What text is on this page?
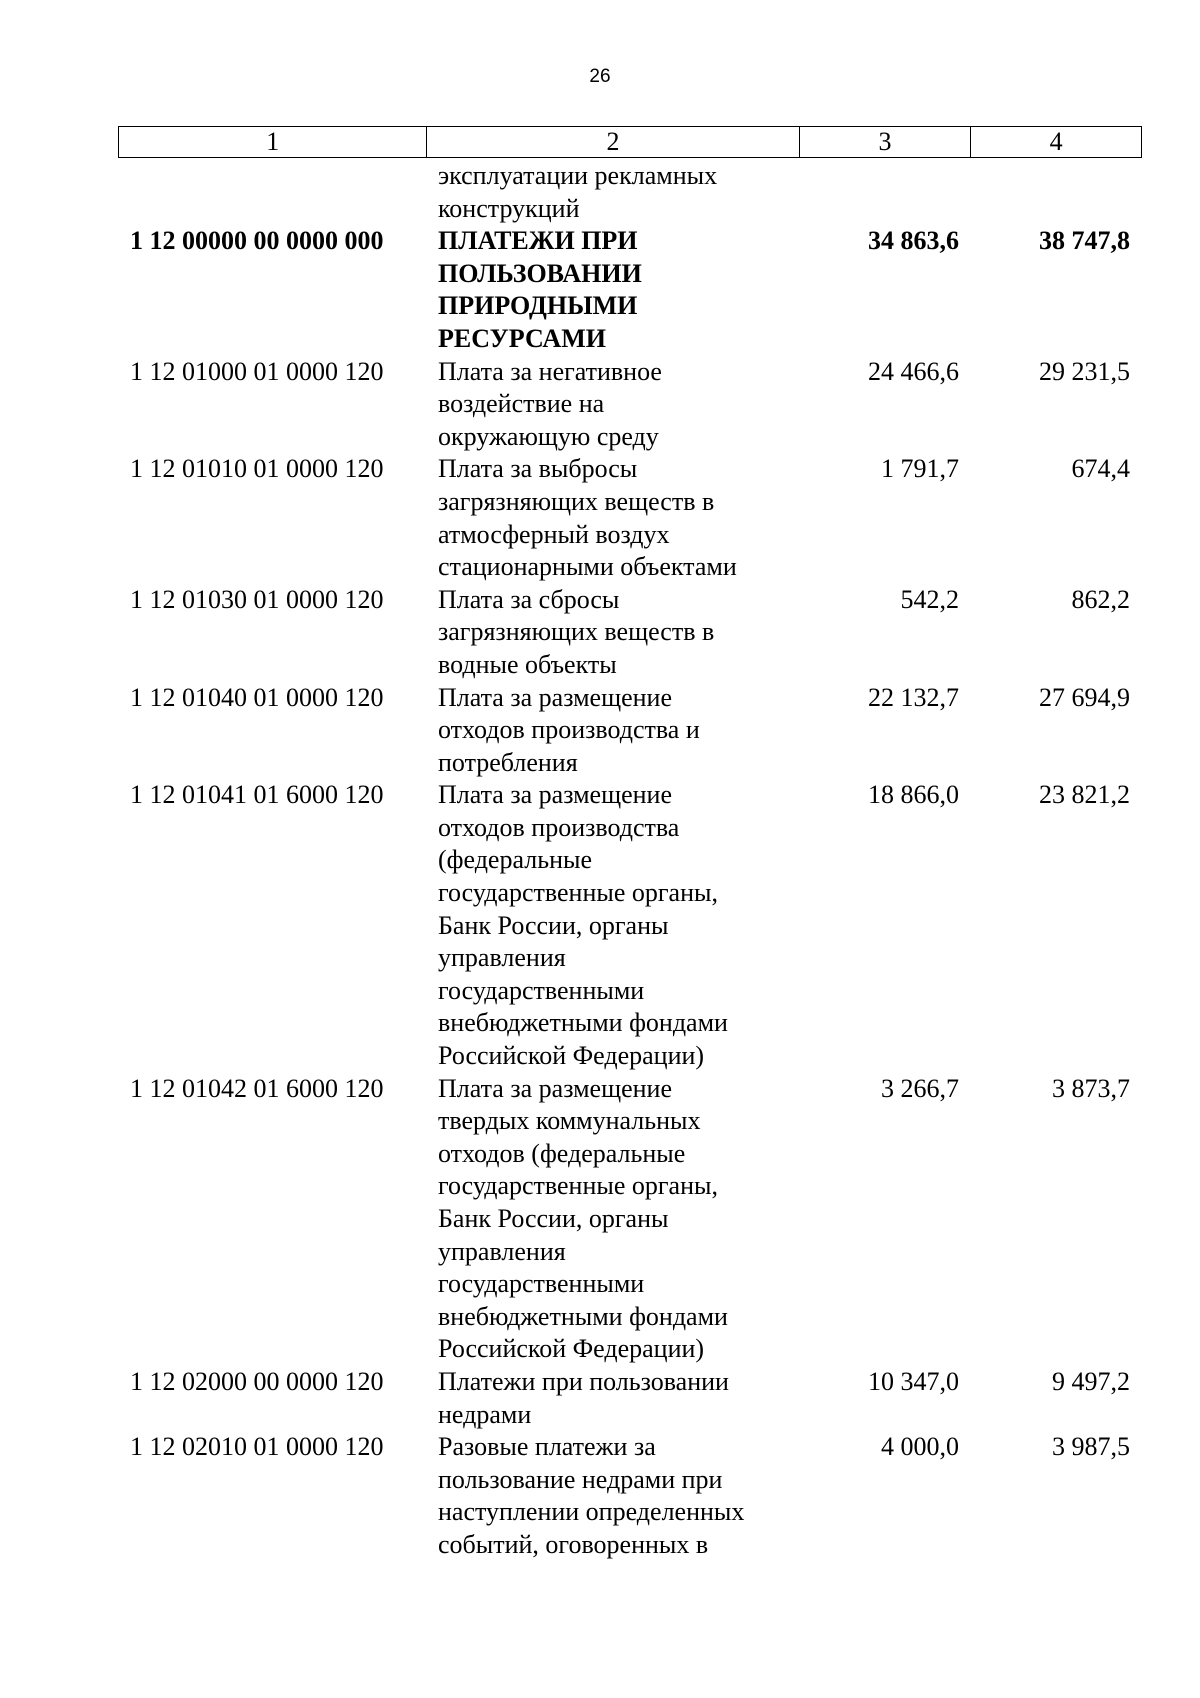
26
1	2	3	4
эксплуатации рекламных
конструкций
1 12 00000 00 0000 000	ПЛАТЕЖИ ПРИ
ПОЛЬЗОВАНИИ
ПРИРОДНЫМИ
РЕСУРСАМИ
34 863,6	38 747,8
1 12 01000 01 0000 120	Плата за негативное
воздействие на
окружающую среду
24 466,6	29 231,5
1 12 01010 01 0000 120	Плата за выбросы
загрязняющих веществ в
атмосферный воздух
стационарными объектами
1 791,7	674,4
1 12 01030 01 0000 120	Плата за сбросы
загрязняющих веществ в
водные объекты
542,2	862,2
1 12 01040 01 0000 120	Плата за размещение
отходов производства и
потребления
22 132,7	27 694,9
1 12 01041 01 6000 120	Плата за размещение
отходов производства
(федеральные
государственные органы,
Банк России, органы
управления
государственными
внебюджетными фондами
Российской Федерации)
18 866,0	23 821,2
1 12 01042 01 6000 120	Плата за размещение
твердых коммунальных
отходов (федеральные
государственные органы,
Банк России, органы
управления
государственными
внебюджетными фондами
Российской Федерации)
3 266,7	3 873,7
1 12 02000 00 0000 120	Платежи при пользовании
недрами
10 347,0	9 497,2
1 12 02010 01 0000 120	Разовые платежи за
пользование недрами при
наступлении определенных
событий, оговоренных в
4 000,0	3 987,5
